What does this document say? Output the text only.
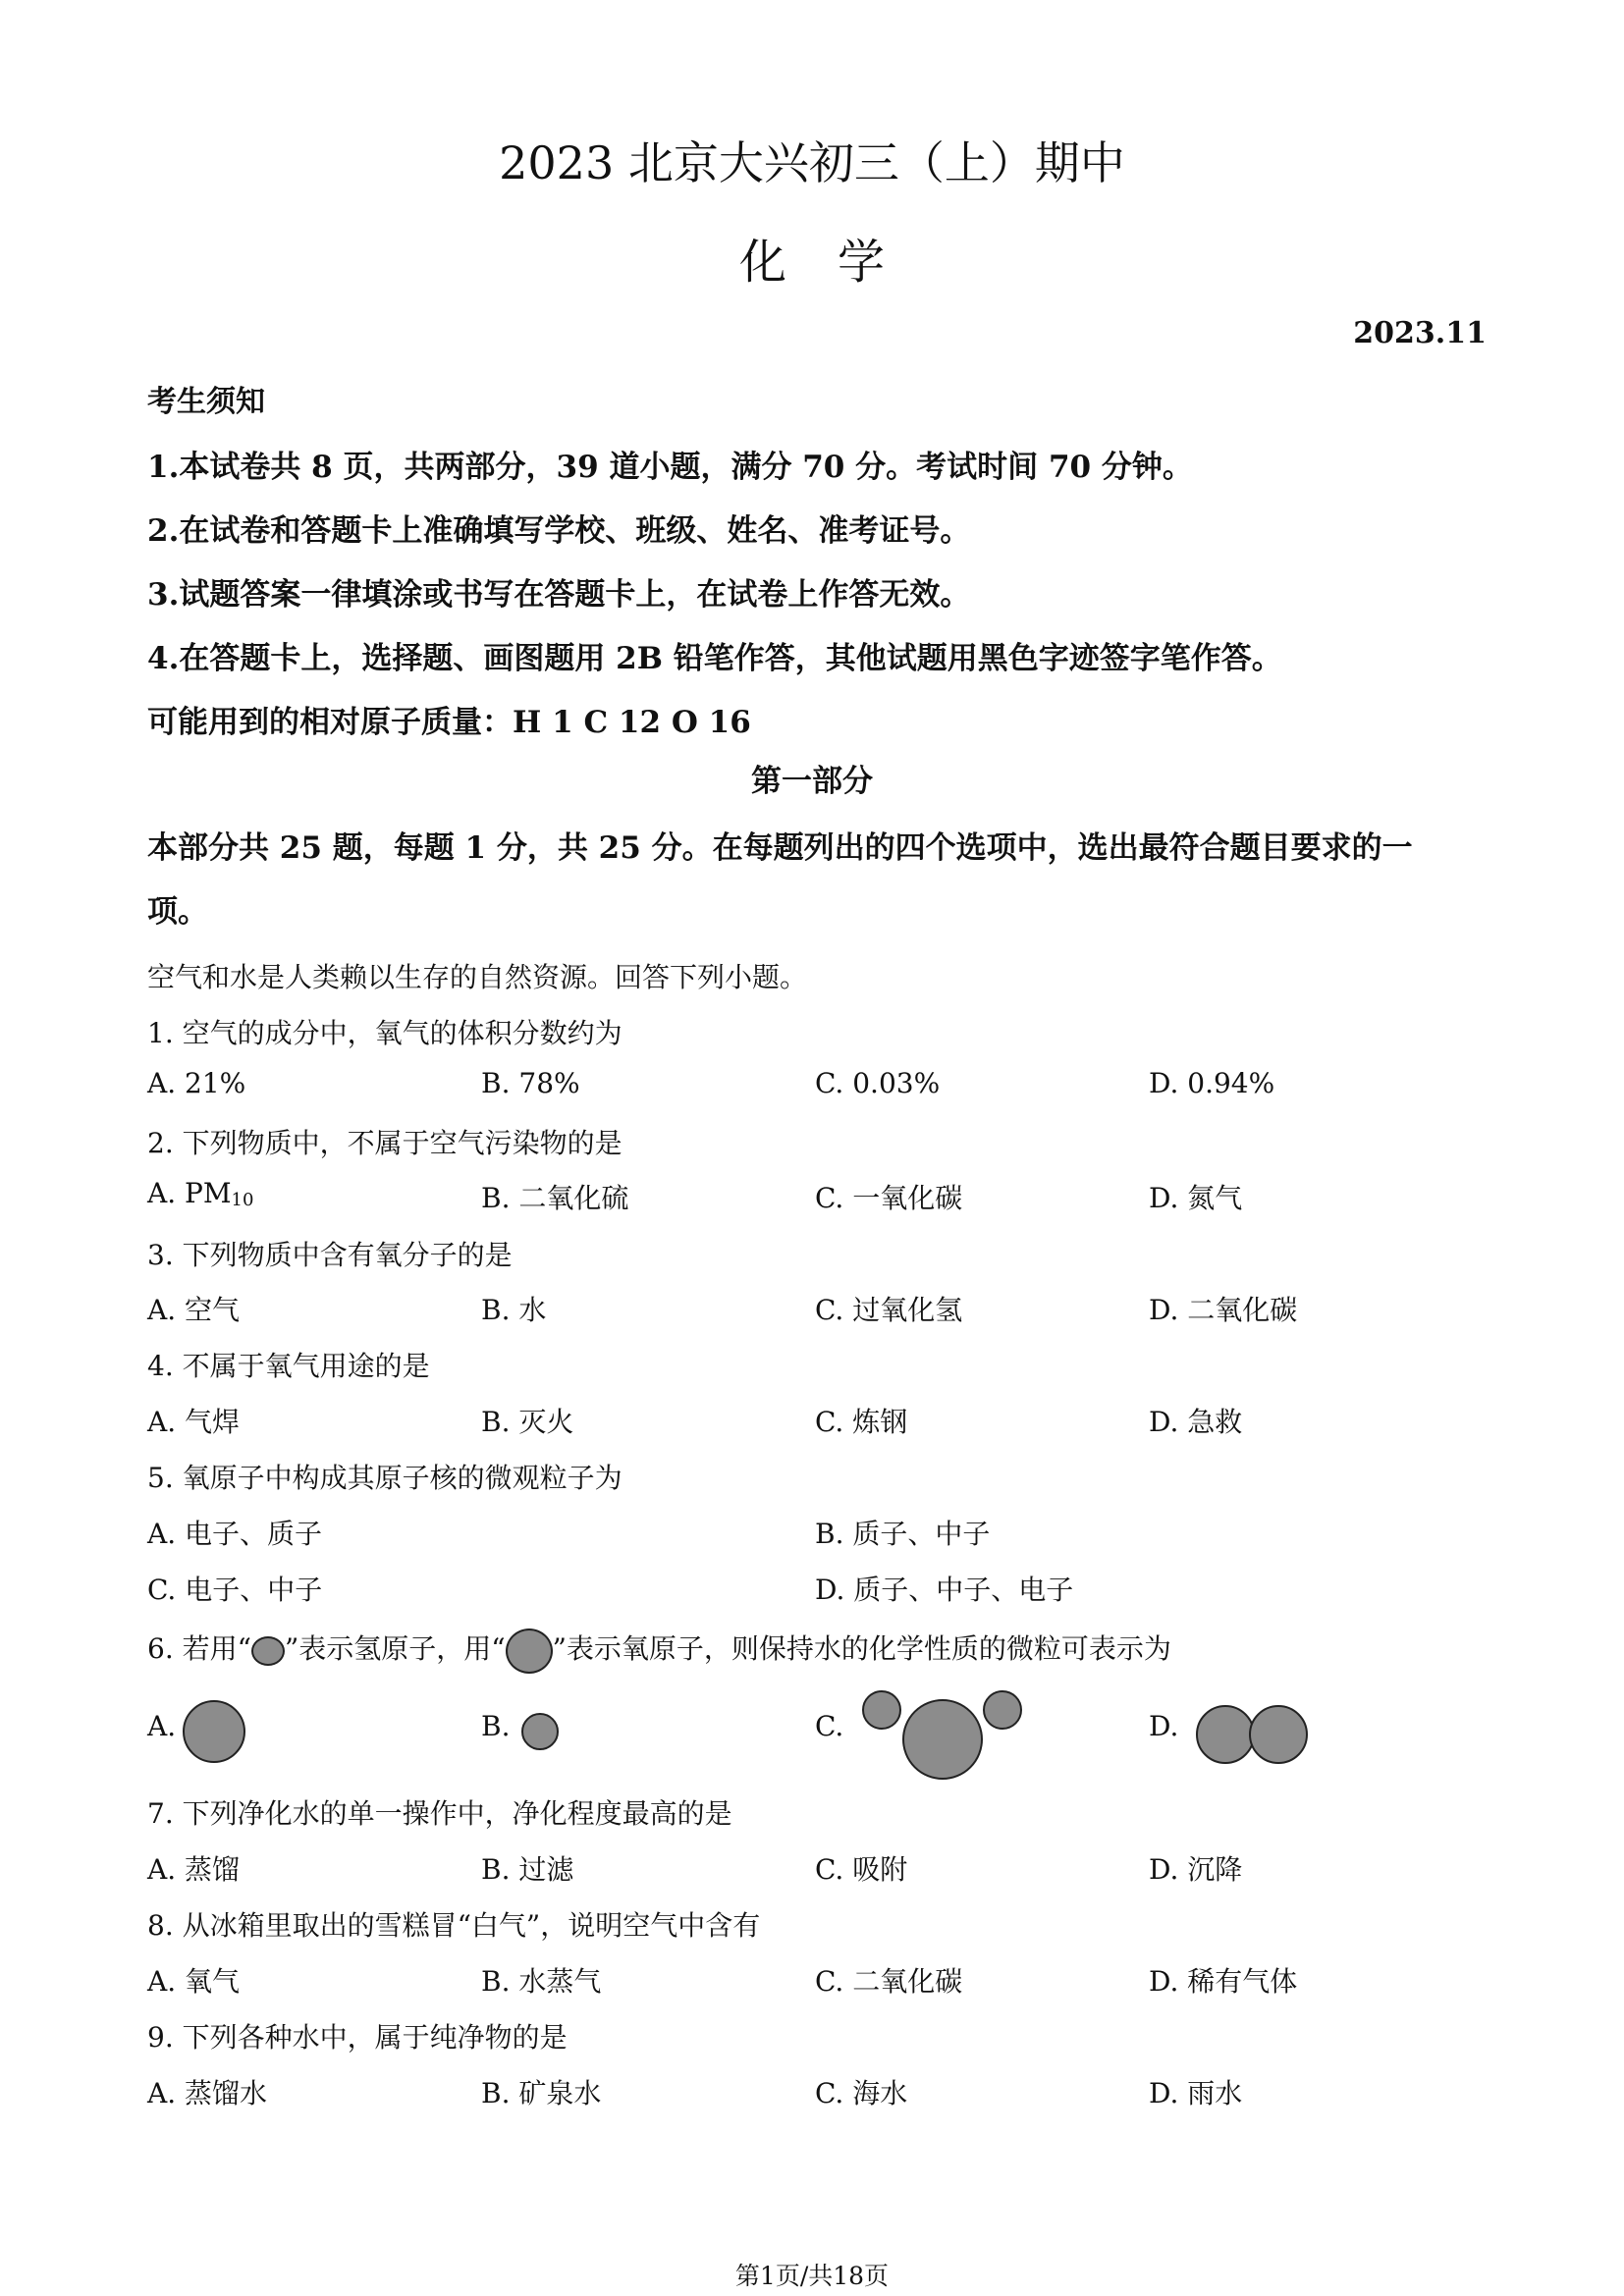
2023 北京大兴初三（上）期中
化学
2023.11
考生须知
1.本试卷共 8 页，共两部分，39 道小题，满分 70 分。考试时间 70 分钟。
2.在试卷和答题卡上准确填写学校、班级、姓名、准考证号。
3.试题答案一律填涂或书写在答题卡上，在试卷上作答无效。
4.在答题卡上，选择题、画图题用 2B 铅笔作答，其他试题用黑色字迹签字笔作答。
可能用到的相对原子质量：H 1 C 12 O 16
第一部分
本部分共 25 题，每题 1 分，共 25 分。在每题列出的四个选项中，选出最符合题目要求的一
项。
空气和水是人类赖以生存的自然资源。回答下列小题。
1. 空气的成分中，氧气的体积分数约为
A. 21%	B. 78%	C. 0.03%	D. 0.94%
2. 下列物质中，不属于空气污染物的是
A. PM10	B. 二氧化硫	C. 一氧化碳	D. 氮气
3. 下列物质中含有氧分子的是
A. 空气	B. 水	C. 过氧化氢	D. 二氧化碳
4. 不属于氧气用途的是
A. 气焊	B. 灭火	C. 炼钢	D. 急救
5. 氧原子中构成其原子核的微观粒子为
A. 电子、质子	B. 质子、中子
C. 电子、中子	D. 质子、中子、电子
6. 若用“ ”表示氢原子，用“ ”表示氧原子，则保持水的化学性质的微粒可表示为
A.	B.	C.	D.
7. 下列净化水的单一操作中，净化程度最高的是
A. 蒸馏	B. 过滤	C. 吸附	D. 沉降
8. 从冰箱里取出的雪糕冒“白气”，说明空气中含有
A. 氧气	B. 水蒸气	C. 二氧化碳	D. 稀有气体
9. 下列各种水中，属于纯净物的是
A. 蒸馏水	B. 矿泉水	C. 海水	D. 雨水
第1页/共18页
